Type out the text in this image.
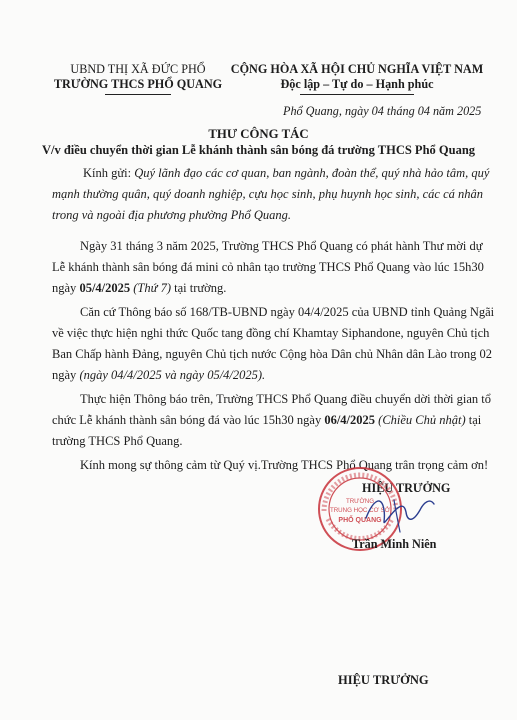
UBND THỊ XÃ ĐỨC PHỔ
TRƯỜNG THCS PHỔ QUANG
CỘNG HÒA XÃ HỘI CHỦ NGHĨA VIỆT NAM
Độc lập – Tự do – Hạnh phúc
Phổ Quang, ngày 04 tháng 04 năm 2025
THƯ CÔNG TÁC
V/v điều chuyển thời gian Lễ khánh thành sân bóng đá trường THCS Phổ Quang
Kính gửi: Quý lãnh đạo các cơ quan, ban ngành, đoàn thể, quý nhà hảo tâm, quý
mạnh thường quân, quý doanh nghiệp, cựu học sinh, phụ huynh học sinh, các cá nhân
trong và ngoài địa phương phường Phổ Quang.
Ngày 31 tháng 3 năm 2025, Trường THCS Phổ Quang có phát hành Thư mời dự
Lễ khánh thành sân bóng đá mini cỏ nhân tạo trường THCS Phổ Quang vào lúc 15h30
ngày 05/4/2025 (Thứ 7) tại trường.
Căn cứ Thông báo số 168/TB-UBND ngày 04/4/2025 của UBND tỉnh Quảng Ngãi
về việc thực hiện nghi thức Quốc tang đồng chí Khamtay Siphandone, nguyên Chủ tịch
Ban Chấp hành Đảng, nguyên Chủ tịch nước Cộng hòa Dân chủ Nhân dân Lào trong 02
ngày (ngày 04/4/2025 và ngày 05/4/2025).
Thực hiện Thông báo trên, Trường THCS Phổ Quang điều chuyển dời thời gian tổ
chức Lễ khánh thành sân bóng đá vào lúc 15h30 ngày 06/4/2025 (Chiều Chủ nhật) tại
trường THCS Phổ Quang.
Kính mong sự thông cảm từ Quý vị.Trường THCS Phổ Quang trân trọng cảm ơn!
HIỆU TRƯỞNG
TRƯỜNG
TRUNG HỌC CƠ SỞ
PHỔ QUANG
Trần Minh Niên
HIỆU TRƯỞNG
